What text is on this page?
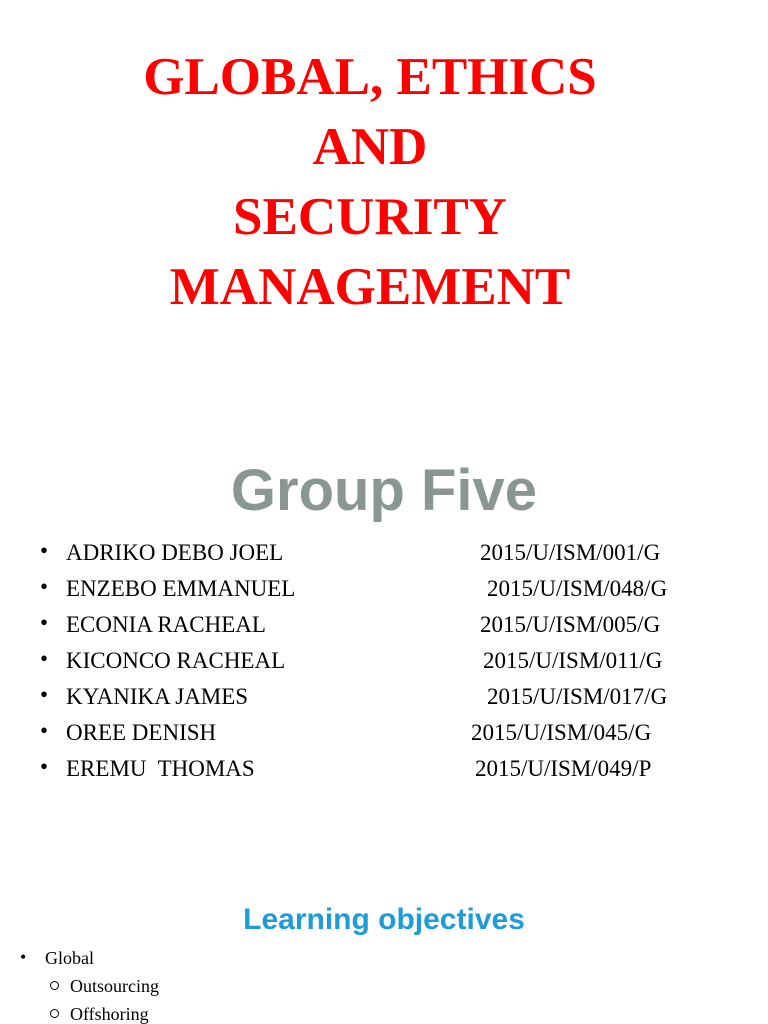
GLOBAL, ETHICS
AND
SECURITY
MANAGEMENT
Group Five
• ADRIKO DEBO JOEL	2015/U/ISM/001/G
• ENZEBO EMMANUEL	2015/U/ISM/048/G
• ECONIA RACHEAL	2015/U/ISM/005/G
• KICONCO RACHEAL	2015/U/ISM/011/G
• KYANIKA JAMES	2015/U/ISM/017/G
• OREE DENISH	2015/U/ISM/045/G
• EREMU  THOMAS	2015/U/ISM/049/P
Learning objectives
• Global
Outsourcing
Offshoring
